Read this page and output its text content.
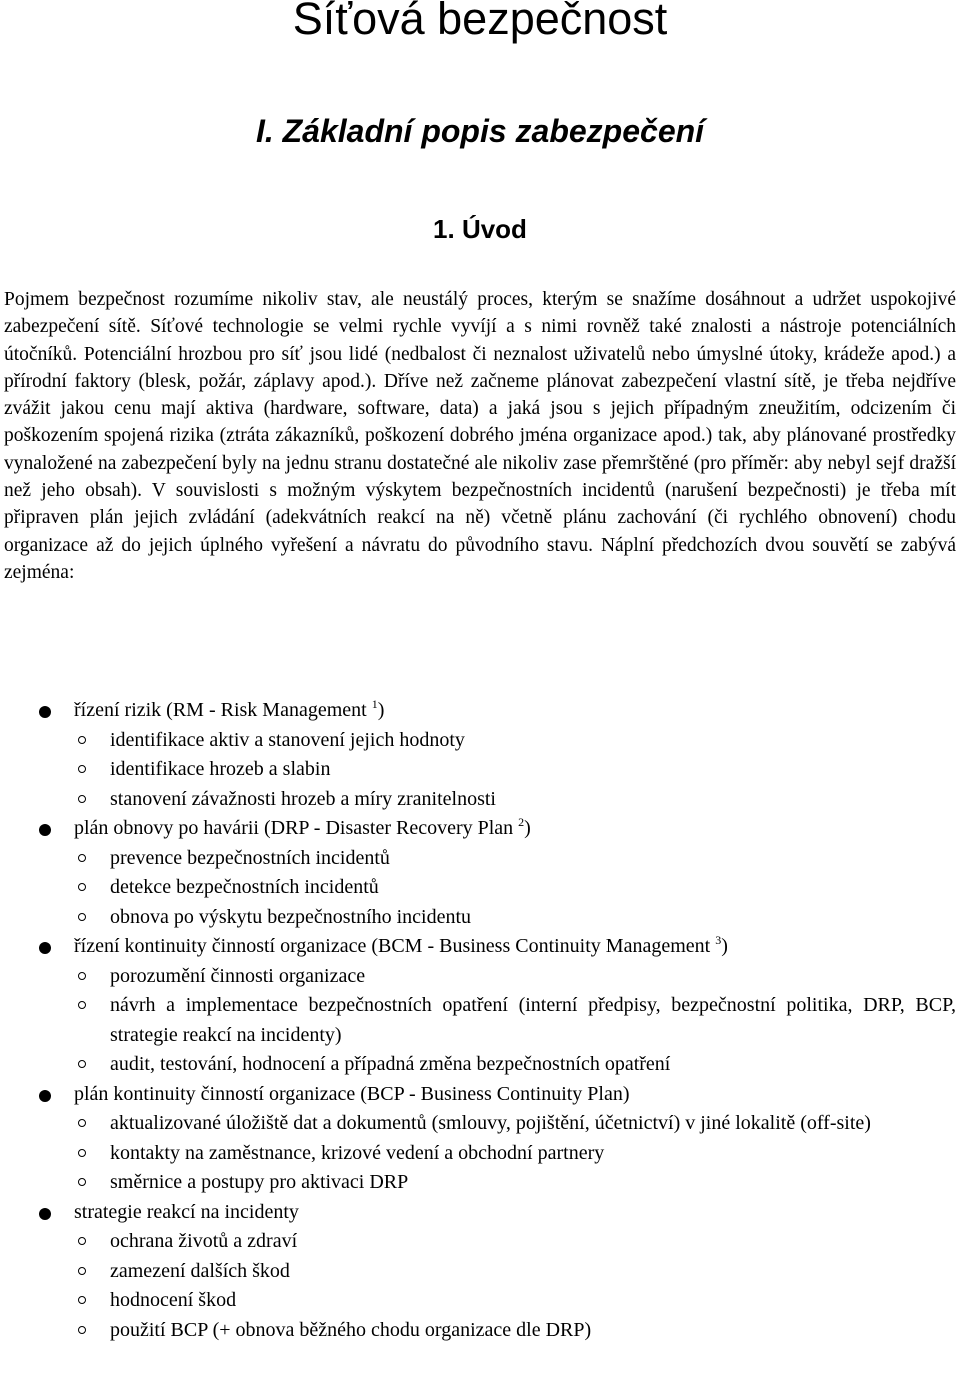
Síťová bezpečnost
I. Základní popis zabezpečení
1. Úvod

Pojmem bezpečnost rozumíme nikoliv stav, ale neustálý proces, kterým se snažíme dosáhnout a udržet uspokojivé zabezpečení sítě. Síťové technologie se velmi rychle vyvíjí a s nimi rovněž také znalosti a nástroje potenciálních útočníků. Potenciální hrozbou pro síť jsou lidé (nedbalost či neznalost uživatelů nebo úmyslné útoky, krádeže apod.) a přírodní faktory (blesk, požár, záplavy apod.). Dříve než začneme plánovat zabezpečení vlastní sítě, je třeba nejdříve zvážit jakou cenu mají aktiva (hardware, software, data) a jaká jsou s jejich případným zneužitím, odcizením či poškozením spojená rizika (ztráta zákazníků, poškození dobrého jména organizace apod.) tak, aby plánované prostředky vynaložené na zabezpečení byly na jednu stranu dostatečné ale nikoliv zase přemrštěné (pro příměr: aby nebyl sejf dražší než jeho obsah). V souvislosti s možným výskytem bezpečnostních incidentů (narušení bezpečnosti) je třeba mít připraven plán jejich zvládání (adekvátních reakcí na ně) včetně plánu zachování (či rychlého obnovení) chodu organizace až do jejich úplného vyřešení a návratu do původního stavu. Náplní předchozích dvou souvětí se zabývá zejména:

řízení rizik (RM - Risk Management $^1$)
identifikace aktiv a stanovení jejich hodnoty
identifikace hrozeb a slabin
stanovení závažnosti hrozeb a míry zranitelnosti
plán obnovy po havárii (DRP - Disaster Recovery Plan $^2$)
prevence bezpečnostních incidentů
detekce bezpečnostních incidentů
obnova po výskytu bezpečnostního incidentu
řízení kontinuity činností organizace (BCM - Business Continuity Management $^3$)
porozumění činnosti organizace
návrh a implementace bezpečnostních opatření (interní předpisy, bezpečnostní politika, DRP, BCP, strategie reakcí na incidenty)
audit, testování, hodnocení a případná změna bezpečnostních opatření
plán kontinuity činností organizace (BCP - Business Continuity Plan)
aktualizované úložiště dat a dokumentů (smlouvy, pojištění, účetnictví) v jiné lokalitě (off-site)
kontakty na zaměstnance, krizové vedení a obchodní partnery
směrnice a postupy pro aktivaci DRP
strategie reakcí na incidenty
ochrana životů a zdraví
zamezení dalších škod
hodnocení škod
použití BCP (+ obnova běžného chodu organizace dle DRP)
